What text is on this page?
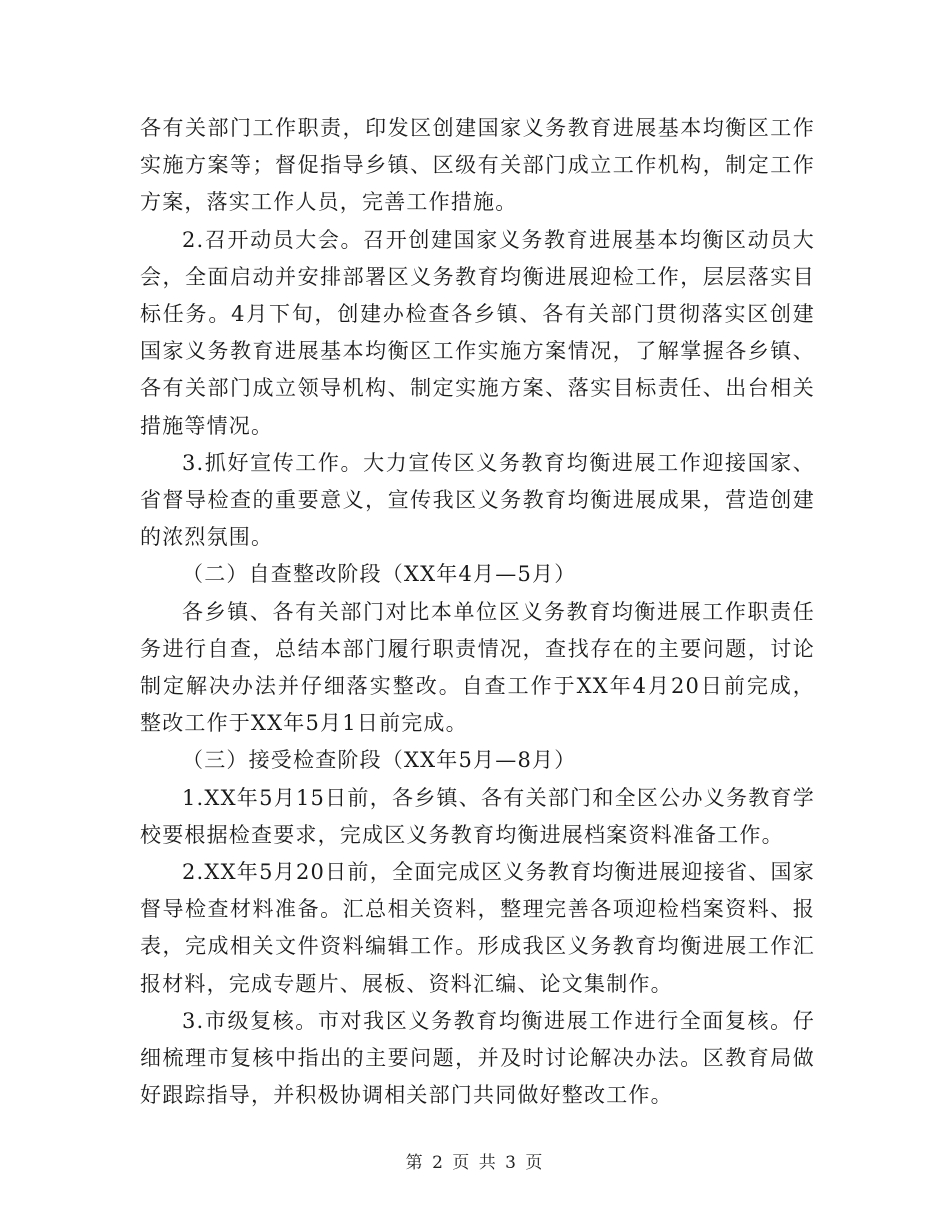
各有关部门工作职责，印发区创建国家义务教育进展基本均衡区工作实施方案等；督促指导乡镇、区级有关部门成立工作机构，制定工作方案，落实工作人员，完善工作措施。

2.召开动员大会。召开创建国家义务教育进展基本均衡区动员大会，全面启动并安排部署区义务教育均衡进展迎检工作，层层落实目标任务。4月下旬，创建办检查各乡镇、各有关部门贯彻落实区创建国家义务教育进展基本均衡区工作实施方案情况，了解掌握各乡镇、各有关部门成立领导机构、制定实施方案、落实目标责任、出台相关措施等情况。

3.抓好宣传工作。大力宣传区义务教育均衡进展工作迎接国家、省督导检查的重要意义，宣传我区义务教育均衡进展成果，营造创建的浓烈氛围。

（二）自查整改阶段（XX年4月—5月）

各乡镇、各有关部门对比本单位区义务教育均衡进展工作职责任务进行自查，总结本部门履行职责情况，查找存在的主要问题，讨论制定解决办法并仔细落实整改。自查工作于XX年4月20日前完成，整改工作于XX年5月1日前完成。

（三）接受检查阶段（XX年5月—8月）

1.XX年5月15日前，各乡镇、各有关部门和全区公办义务教育学校要根据检查要求，完成区义务教育均衡进展档案资料准备工作。

2.XX年5月20日前，全面完成区义务教育均衡进展迎接省、国家督导检查材料准备。汇总相关资料，整理完善各项迎检档案资料、报表，完成相关文件资料编辑工作。形成我区义务教育均衡进展工作汇报材料，完成专题片、展板、资料汇编、论文集制作。

3.市级复核。市对我区义务教育均衡进展工作进行全面复核。仔细梳理市复核中指出的主要问题，并及时讨论解决办法。区教育局做好跟踪指导，并积极协调相关部门共同做好整改工作。

第 2 页 共 3 页
